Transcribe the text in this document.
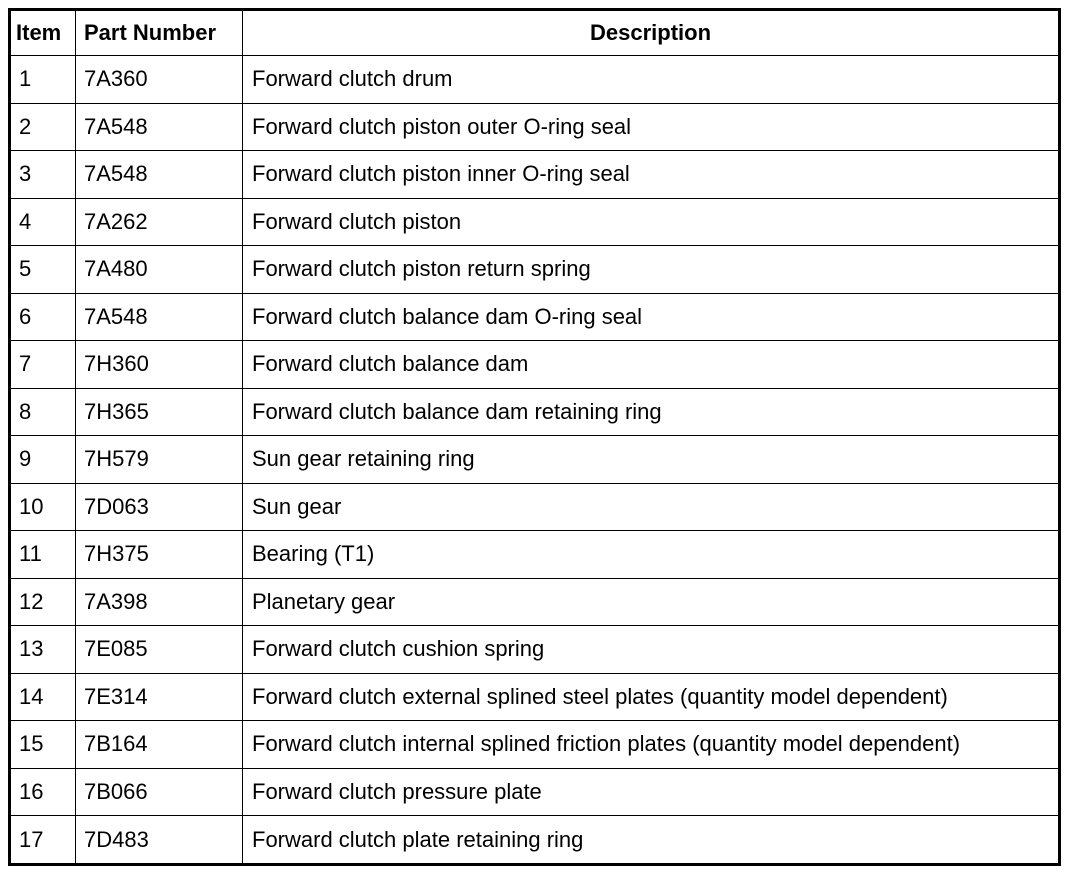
Item	Part Number	Description
1	7A360	Forward clutch drum
2	7A548	Forward clutch piston outer O-ring seal
3	7A548	Forward clutch piston inner O-ring seal
4	7A262	Forward clutch piston
5	7A480	Forward clutch piston return spring
6	7A548	Forward clutch balance dam O-ring seal
7	7H360	Forward clutch balance dam
8	7H365	Forward clutch balance dam retaining ring
9	7H579	Sun gear retaining ring
10	7D063	Sun gear
11	7H375	Bearing (T1)
12	7A398	Planetary gear
13	7E085	Forward clutch cushion spring
14	7E314	Forward clutch external splined steel plates (quantity model dependent)
15	7B164	Forward clutch internal splined friction plates (quantity model dependent)
16	7B066	Forward clutch pressure plate
17	7D483	Forward clutch plate retaining ring
